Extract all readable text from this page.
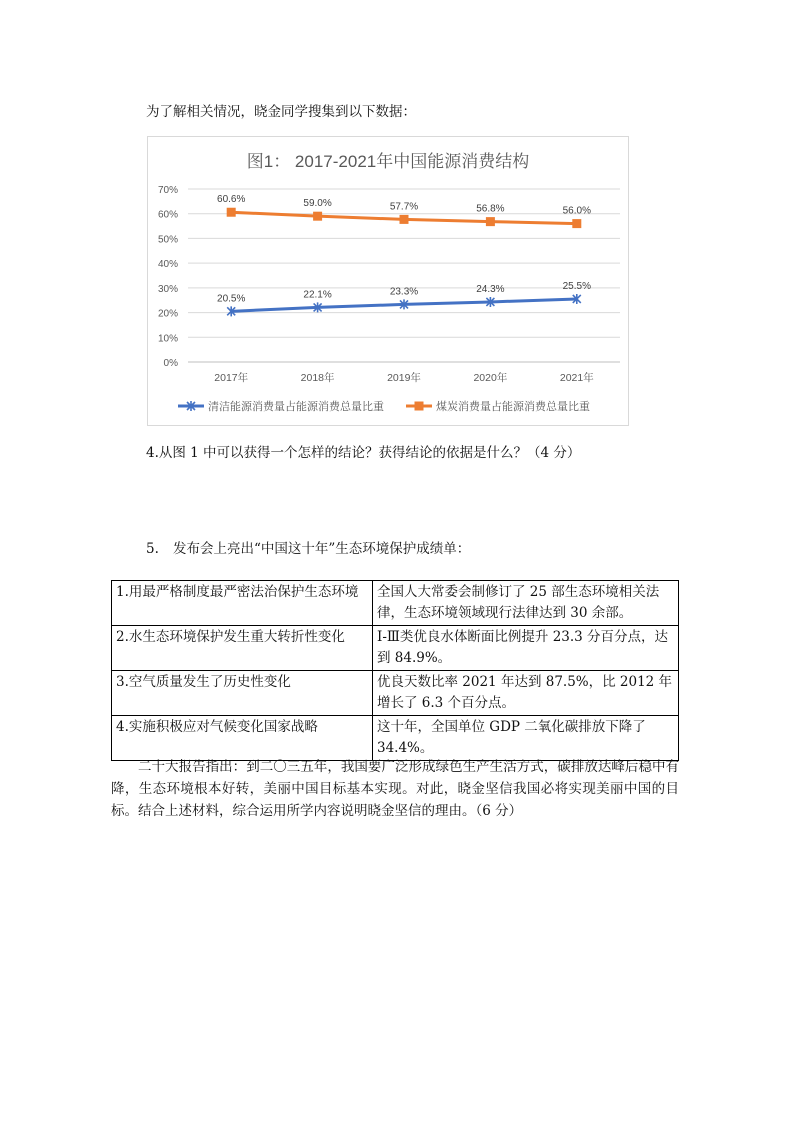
为了解相关情况，晓金同学搜集到以下数据：
图1： 2017-2021年中国能源消费结构
0%
10%
20%
30%
40%
50%
60%
70%
2017年	2018年	2019年	2020年	2021年
20.5%	22.1%	23.3%	24.3%	25.5%
60.6%	59.0%	57.7%	56.8%	56.0%
清洁能源消费量占能源消费总量比重	煤炭消费量占能源消费总量比重
4.从图 1 中可以获得一个怎样的结论？获得结论的依据是什么？（4 分）
5. 发布会上亮出“中国这十年”生态环境保护成绩单：
1.用最严格制度最严密法治保护生态环境	全国人大常委会制修订了 25 部生态环境相关法律，生态环境领域现行法律达到 30 余部。
2.水生态环境保护发生重大转折性变化	Ⅰ-Ⅲ类优良水体断面比例提升 23.3 分百分点，达到 84.9%。
3.空气质量发生了历史性变化	优良天数比率 2021 年达到 87.5%，比 2012 年增长了 6.3 个百分点。
4.实施积极应对气候变化国家战略	这十年，全国单位 GDP 二氧化碳排放下降了 34.4%。
二十大报告指出：到二〇三五年，我国要广泛形成绿色生产生活方式，碳排放达峰后稳中有降，生态环境根本好转，美丽中国目标基本实现。对此，晓金坚信我国必将实现美丽中国的目标。结合上述材料，综合运用所学内容说明晓金坚信的理由。（6 分）
